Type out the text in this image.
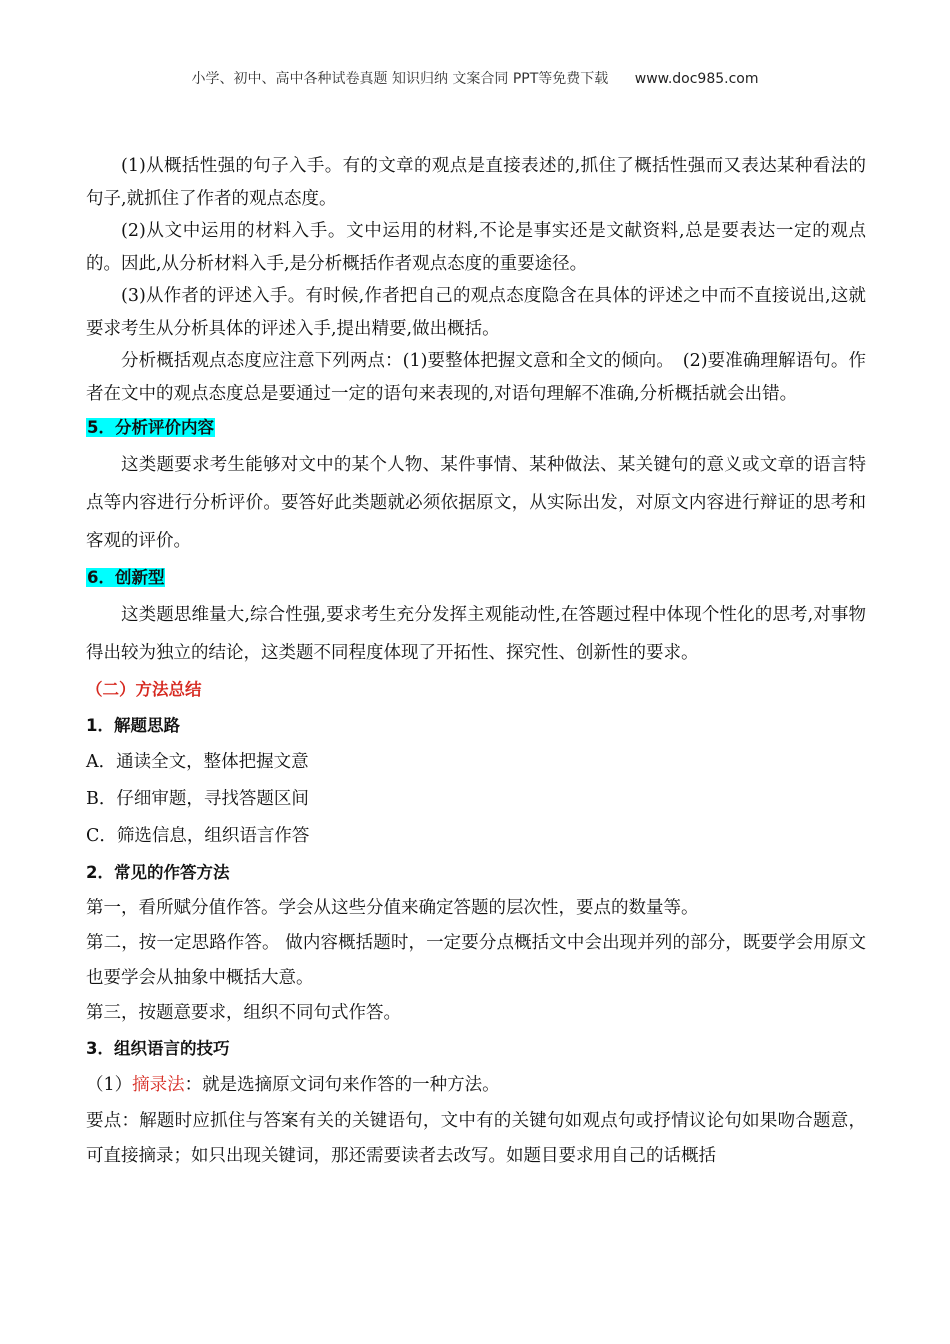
小学、初中、高中各种试卷真题 知识归纳 文案合同 PPT等免费下载 www.doc985.com

(1)从概括性强的句子入手。有的文章的观点是直接表述的,抓住了概括性强而又表达某种看法的句子,就抓住了作者的观点态度。

(2)从文中运用的材料入手。文中运用的材料,不论是事实还是文献资料,总是要表达一定的观点的。因此,从分析材料入手,是分析概括作者观点态度的重要途径。

(3)从作者的评述入手。有时候,作者把自己的观点态度隐含在具体的评述之中而不直接说出,这就要求考生从分析具体的评述入手,提出精要,做出概括。

分析概括观点态度应注意下列两点：(1)要整体把握文意和全文的倾向。　(2)要准确理解语句。作者在文中的观点态度总是要通过一定的语句来表现的,对语句理解不准确,分析概括就会出错。

5．分析评价内容

这类题要求考生能够对文中的某个人物、某件事情、某种做法、某关键句的意义或文章的语言特点等内容进行分析评价。要答好此类题就必须依据原文，从实际出发，对原文内容进行辩证的思考和客观的评价。

6．创新型

这类题思维量大,综合性强,要求考生充分发挥主观能动性,在答题过程中体现个性化的思考,对事物得出较为独立的结论，这类题不同程度体现了开拓性、探究性、创新性的要求。

（二）方法总结
1．解题思路
A．通读全文，整体把握文意
B．仔细审题，寻找答题区间
C．筛选信息，组织语言作答
2．常见的作答方法

第一，看所赋分值作答。学会从这些分值来确定答题的层次性，要点的数量等。

第二，按一定思路作答。 做内容概括题时，一定要分点概括文中会出现并列的部分，既要学会用原文也要学会从抽象中概括大意。

第三，按题意要求，组织不同句式作答。

3．组织语言的技巧
（1）摘录法：就是选摘原文词句来作答的一种方法。

要点：解题时应抓住与答案有关的关键语句，文中有的关键句如观点句或抒情议论句如果吻合题意，可直接摘录；如只出现关键词，那还需要读者去改写。如题目要求用自己的话概括
